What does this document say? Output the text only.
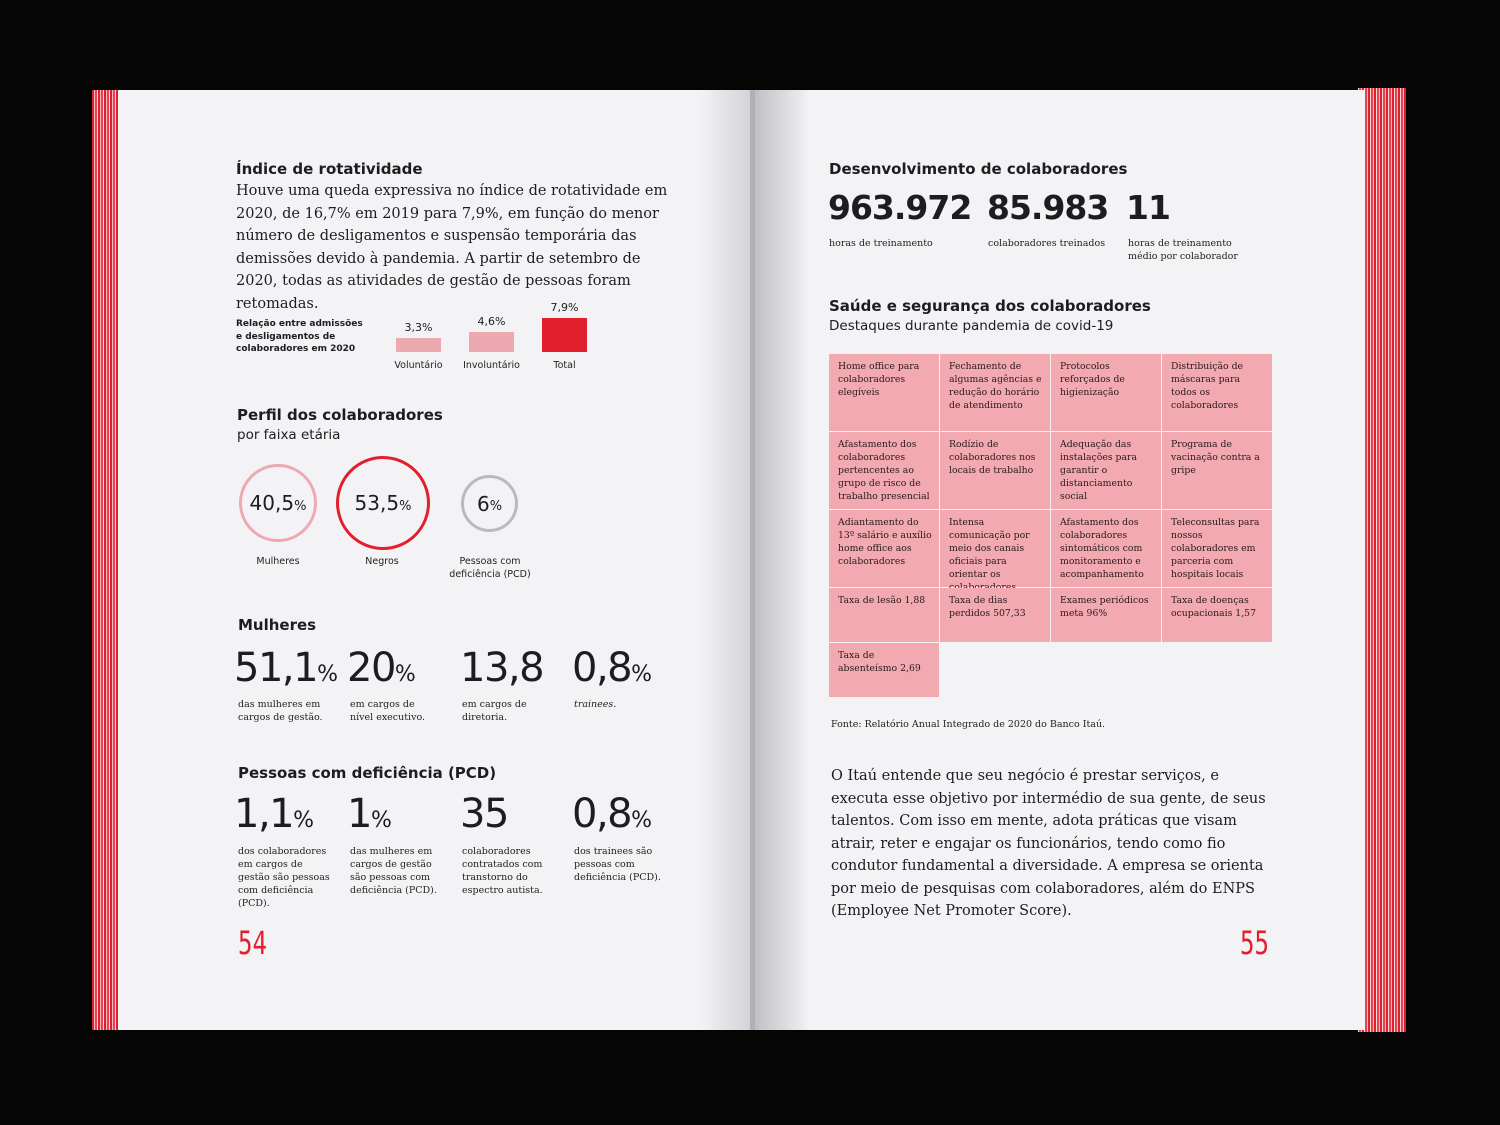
Índice de rotatividade
Houve uma queda expressiva no índice de rotatividade em 2020, de 16,7% em 2019 para 7,9%, em função do menor número de desligamentos e suspensão temporária das demissões devido à pandemia. A partir de setembro de 2020, todas as atividades de gestão de pessoas foram retomadas.
Relação entre admissões e desligamentos de colaboradores em 2020
3,3%
Voluntário
4,6%
Involuntário
7,9%
Total
Perfil dos colaboradores
por faixa etária
40,5 %
Mulheres
53,5 %
Negros
6 %
Pessoas com deficiência (PCD)
Mulheres
51,1%
das mulheres em cargos de gestão.
20%
em cargos de nível executivo.
13,8
em cargos de diretoria.
0,8%
trainees.
Pessoas com deficiência (PCD)
1,1%
dos colaboradores em cargos de gestão são pessoas com deficiência (PCD).
1%
das mulheres em cargos de gestão são pessoas com deficiência (PCD).
35
colaboradores contratados com transtorno do espectro autista.
0,8%
dos trainees são pessoas com deficiência (PCD).
54
Desenvolvimento de colaboradores
963.972
horas de treinamento
85.983
colaboradores treinados
11
horas de treinamento médio por colaborador
Saúde e segurança dos colaboradores
Destaques durante pandemia de covid-19
Home office para colaboradores elegíveis
Fechamento de algumas agências e redução do horário de atendimento
Protocolos reforçados de higienização
Distribuição de máscaras para todos os colaboradores
Afastamento dos colaboradores pertencentes ao grupo de risco de trabalho presencial
Rodízio de colaboradores nos locais de trabalho
Adequação das instalações para garantir o distanciamento social
Programa de vacinação contra a gripe
Adiantamento do 13º salário e auxílio home office aos colaboradores
Intensa comunicação por meio dos canais oficiais para orientar os
Afastamento dos colaboradores sintomáticos com monitoramento e acompanhamento
Teleconsultas para nossos colaboradores em parceria com hospitais locais
Taxa de lesão 1,88	Taxa de dias perdidos 507,33
Exames periódicos meta 96%
Taxa de doenças ocupacionais 1,57
Taxa de absenteísmo 2,69
Fonte: Relatório Anual Integrado de 2020 do Banco Itaú.
O Itaú entende que seu negócio é prestar serviços, e executa esse objetivo por intermédio de sua gente, de seus talentos. Com isso em mente, adota práticas que visam atrair, reter e engajar os funcionários, tendo como fio condutor fundamental a diversidade. A empresa se orienta por meio de pesquisas com colaboradores, além do ENPS (Employee Net Promoter Score).
55
